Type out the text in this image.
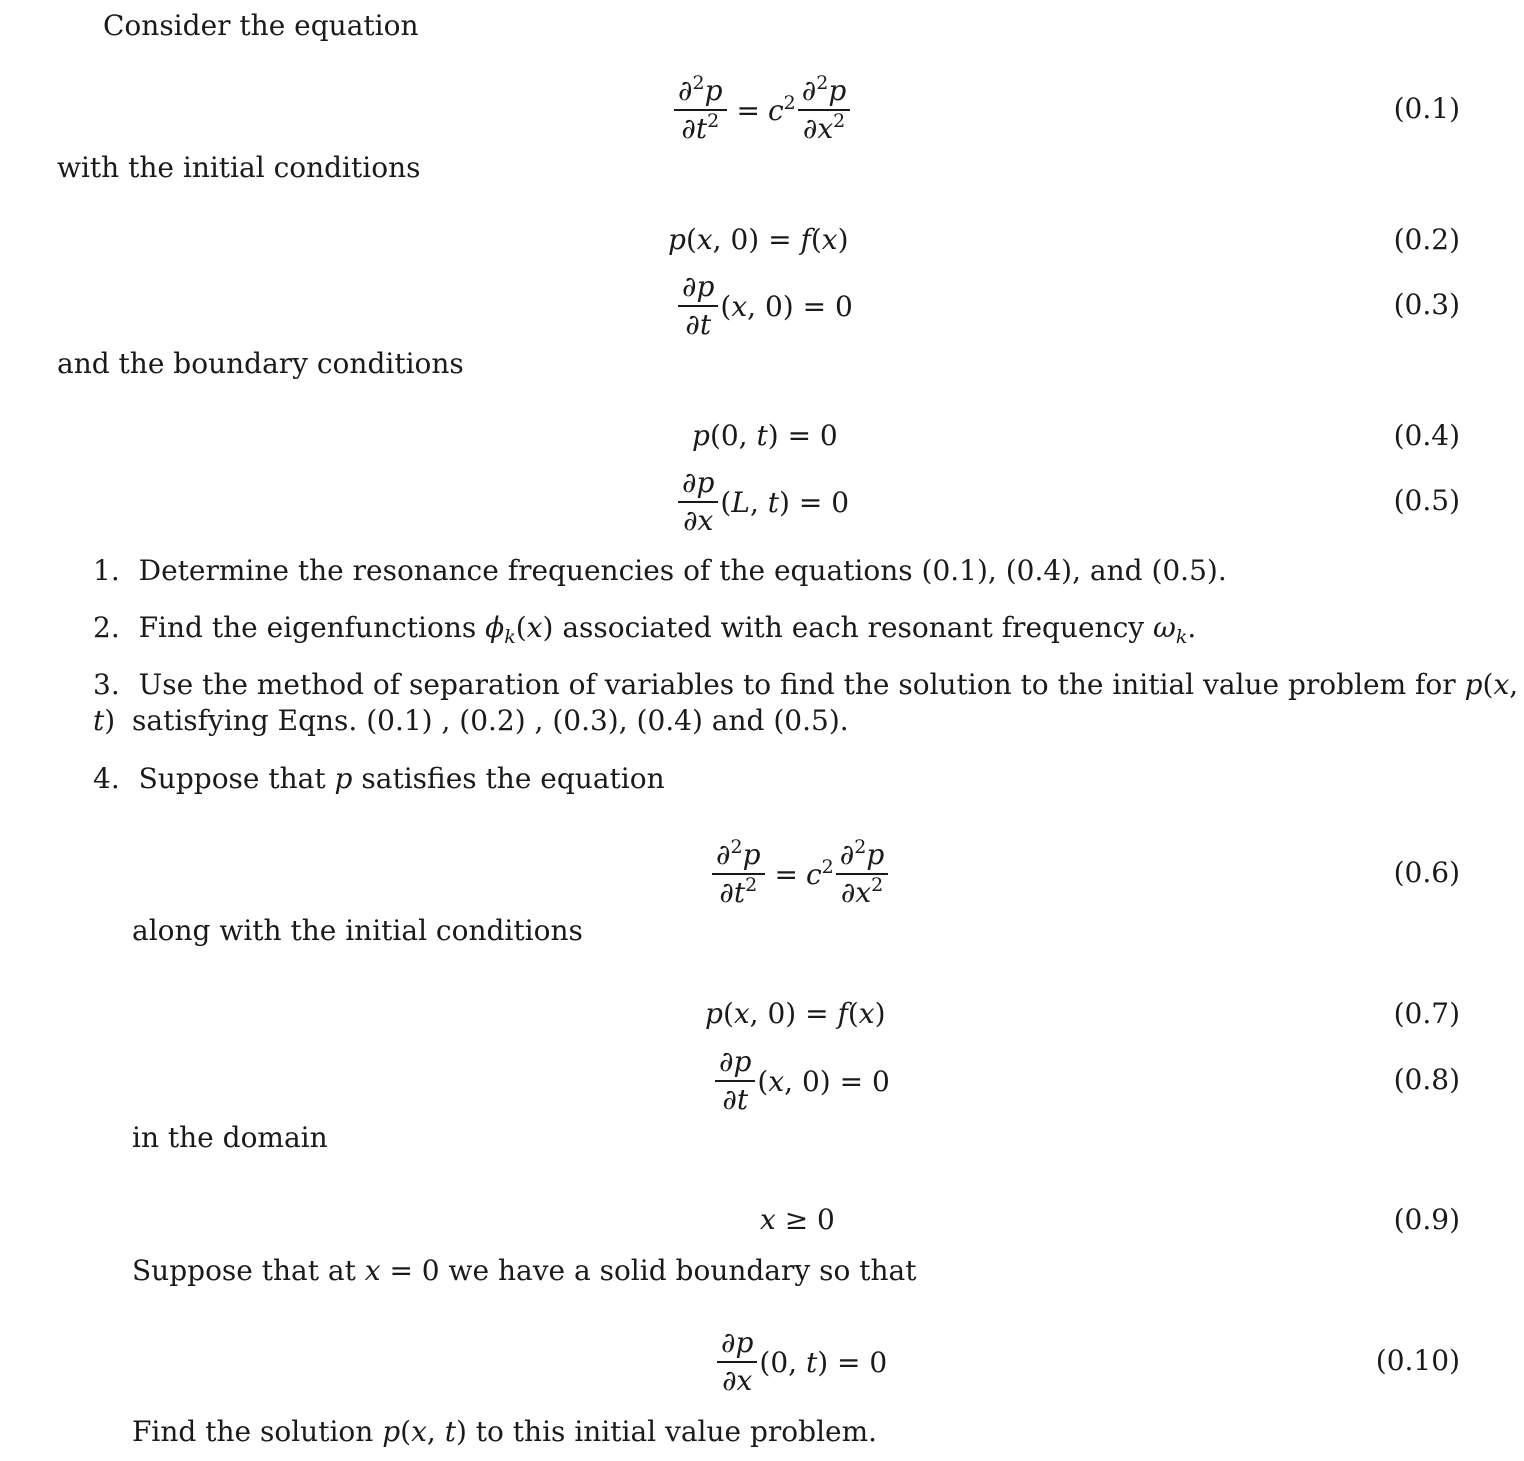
Consider the equation
$\frac{\partial^2p}{\partial t^2} = c^2 \frac{\partial^2p}{\partial x^2}$	(0.1)
with the initial conditions
p(x, 0) = f(x)	(0.2)
$\frac{\partial p}{\partial t} (x$, 0) = 0	(0.3)
and the boundary conditions
p(0, t) = 0	(0.4)
$\frac{\partial p}{\partial x} (L$, t) = 0	(0.5)
1. Determine the resonance frequencies of the equations (0.1), (0.4), and (0.5).
2. Find the eigenfunctions $\phi_k(x)$ associated with each resonant frequency $\omega_k$.
3. Use the method of separation of variables to find the solution to the initial value problem for p(x, t) satisfying Eqns. (0.1) , (0.2) , (0.3), (0.4) and (0.5).
4. Suppose that p satisfies the equation
$\frac{\partial^2p}{\partial t^2} = c^2 \frac{\partial^2p}{\partial x^2}$	(0.6)
along with the initial conditions
p(x, 0) = f(x)	(0.7)
$\frac{\partial p}{\partial t} (x$, 0) = 0	(0.8)
in the domain
x ≥ 0	(0.9)
Suppose that at x = 0 we have a solid boundary so that
$\frac{\partial p}{\partial x} (0$, t) = 0	(0.10)
Find the solution p(x, t) to this initial value problem.
